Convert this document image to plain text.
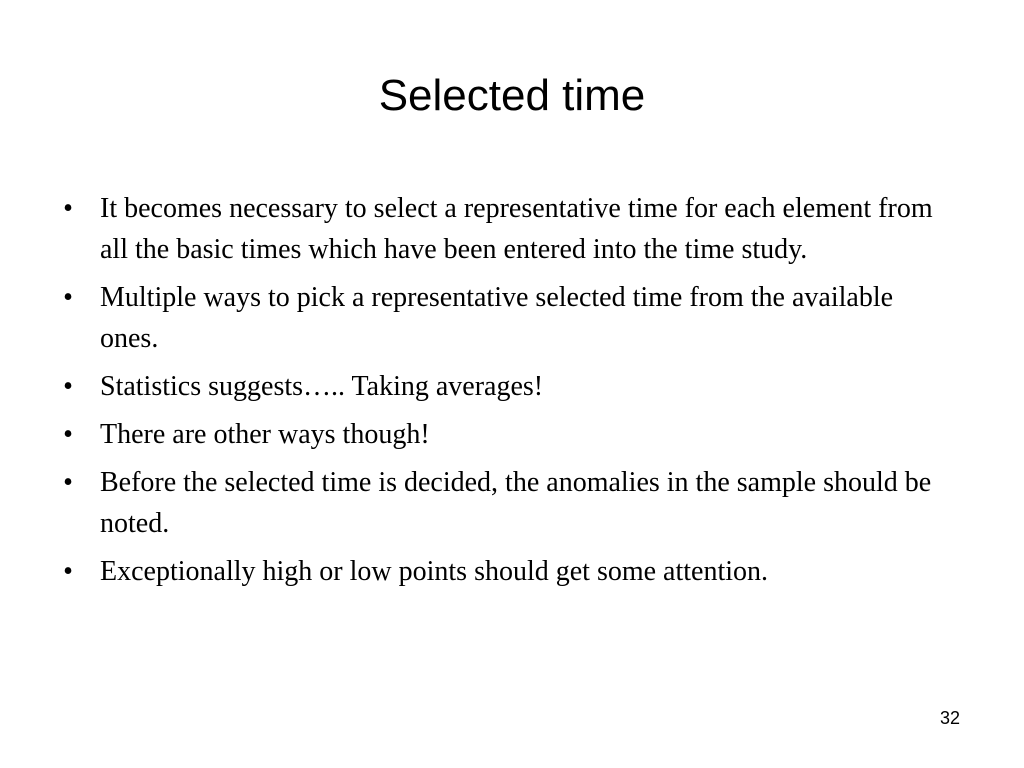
Selected time
• It becomes necessary to select a representative time for each element from all the basic times which have been entered into the time study.
• Multiple ways to pick a representative selected time from the available ones.
• Statistics suggests….. Taking averages!
• There are other ways though!
• Before the selected time is decided, the anomalies in the sample should be noted.
• Exceptionally high or low points should get some attention.
32
